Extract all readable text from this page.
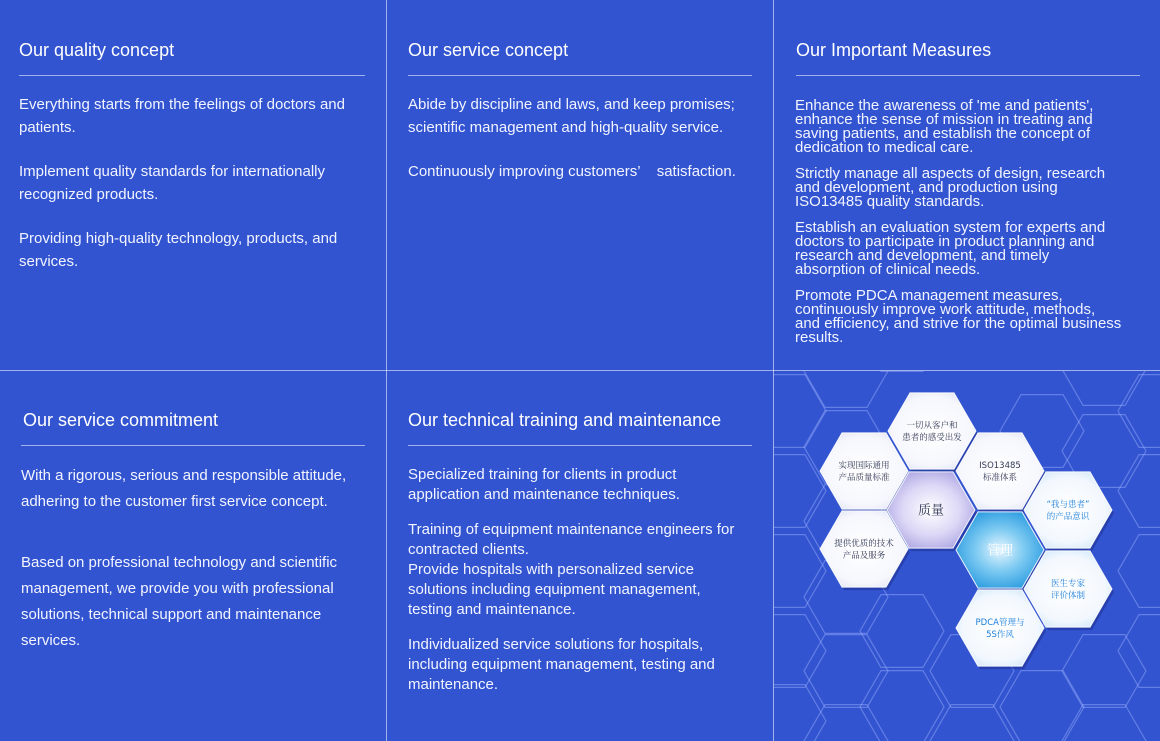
Our quality concept

Everything starts from the feelings of doctors and
patients.

Implement quality standards for internationally
recognized products.

Providing high-quality technology, products, and
services.

Our service concept

Abide by discipline and laws, and keep promises;
scientific management and high-quality service.

Continuously improving customers’    satisfaction.

Our Important Measures

Enhance the awareness of 'me and patients',
enhance the sense of mission in treating and
saving patients, and establish the concept of
dedication to medical care.

Strictly manage all aspects of design, research
and development, and production using
ISO13485 quality standards.

Establish an evaluation system for experts and
doctors to participate in product planning and
research and development, and timely
absorption of clinical needs.

Promote PDCA management measures,
continuously improve work attitude, methods,
and efficiency, and strive for the optimal business
results.

Our service commitment

With a rigorous, serious and responsible attitude,
adhering to the customer first service concept.

Based on professional technology and scientific
management, we provide you with professional
solutions, technical support and maintenance
services.

Our technical training and maintenance

Specialized training for clients in product
application and maintenance techniques.

Training of equipment maintenance engineers for
contracted clients.
Provide hospitals with personalized service
solutions including equipment management,
testing and maintenance.

Individualized service solutions for hospitals,
including equipment management, testing and
maintenance.

一切从客户和
患者的感受出发
实现国际通用
产品质量标准
ISO13485
标准体系
质量	“我与患者”
的产品意识
提供优质的技术
产品及服务	管理
医生专家
评价体制
PDCA管理与
5S作风
